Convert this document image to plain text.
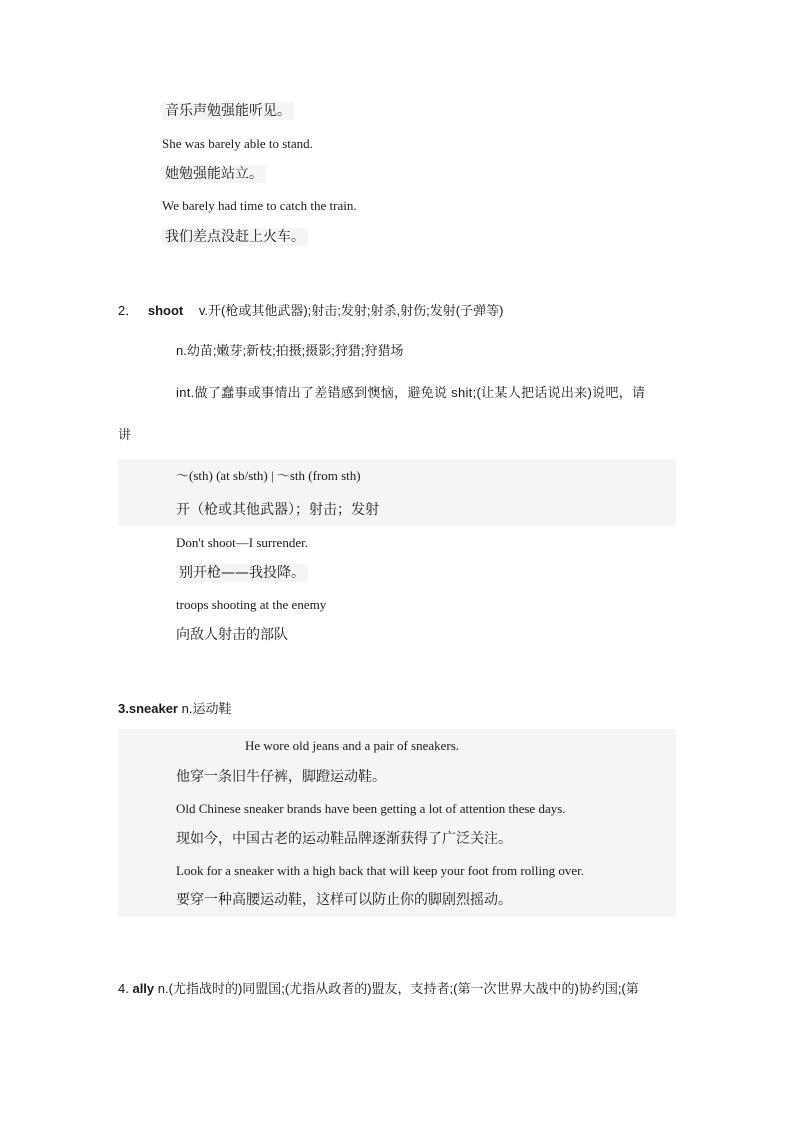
音乐声勉强能听见。
She was barely able to stand.
她勉强能站立。
We barely had time to catch the train.
我们差点没赶上火车。
2． shoot v.开(枪或其他武器);射击;发射;射杀,射伤;发射(子弹等)
n.幼苗;嫩芽;新枝;拍摄;摄影;狩猎;狩猎场
int.做了蠢事或事情出了差错感到懊恼，避免说 shit;(让某人把话说出来)说吧，请
讲
～(sth) (at sb/sth) | ～sth (from sth)
开（枪或其他武器）；射击；发射
Don't shoot—I surrender.
别开枪——我投降。
troops shooting at the enemy
向敌人射击的部队
3.sneaker n.运动鞋
He wore old jeans and a pair of sneakers.
他穿一条旧牛仔裤，脚蹬运动鞋。
Old Chinese sneaker brands have been getting a lot of attention these days.
现如今，中国古老的运动鞋品牌逐渐获得了广泛关注。
Look for a sneaker with a high back that will keep your foot from rolling over.
要穿一种高腰运动鞋，这样可以防止你的脚剧烈摇动。
4. ally n.(尤指战时的)同盟国;(尤指从政者的)盟友，支持者;(第一次世界大战中的)协约国;(第
